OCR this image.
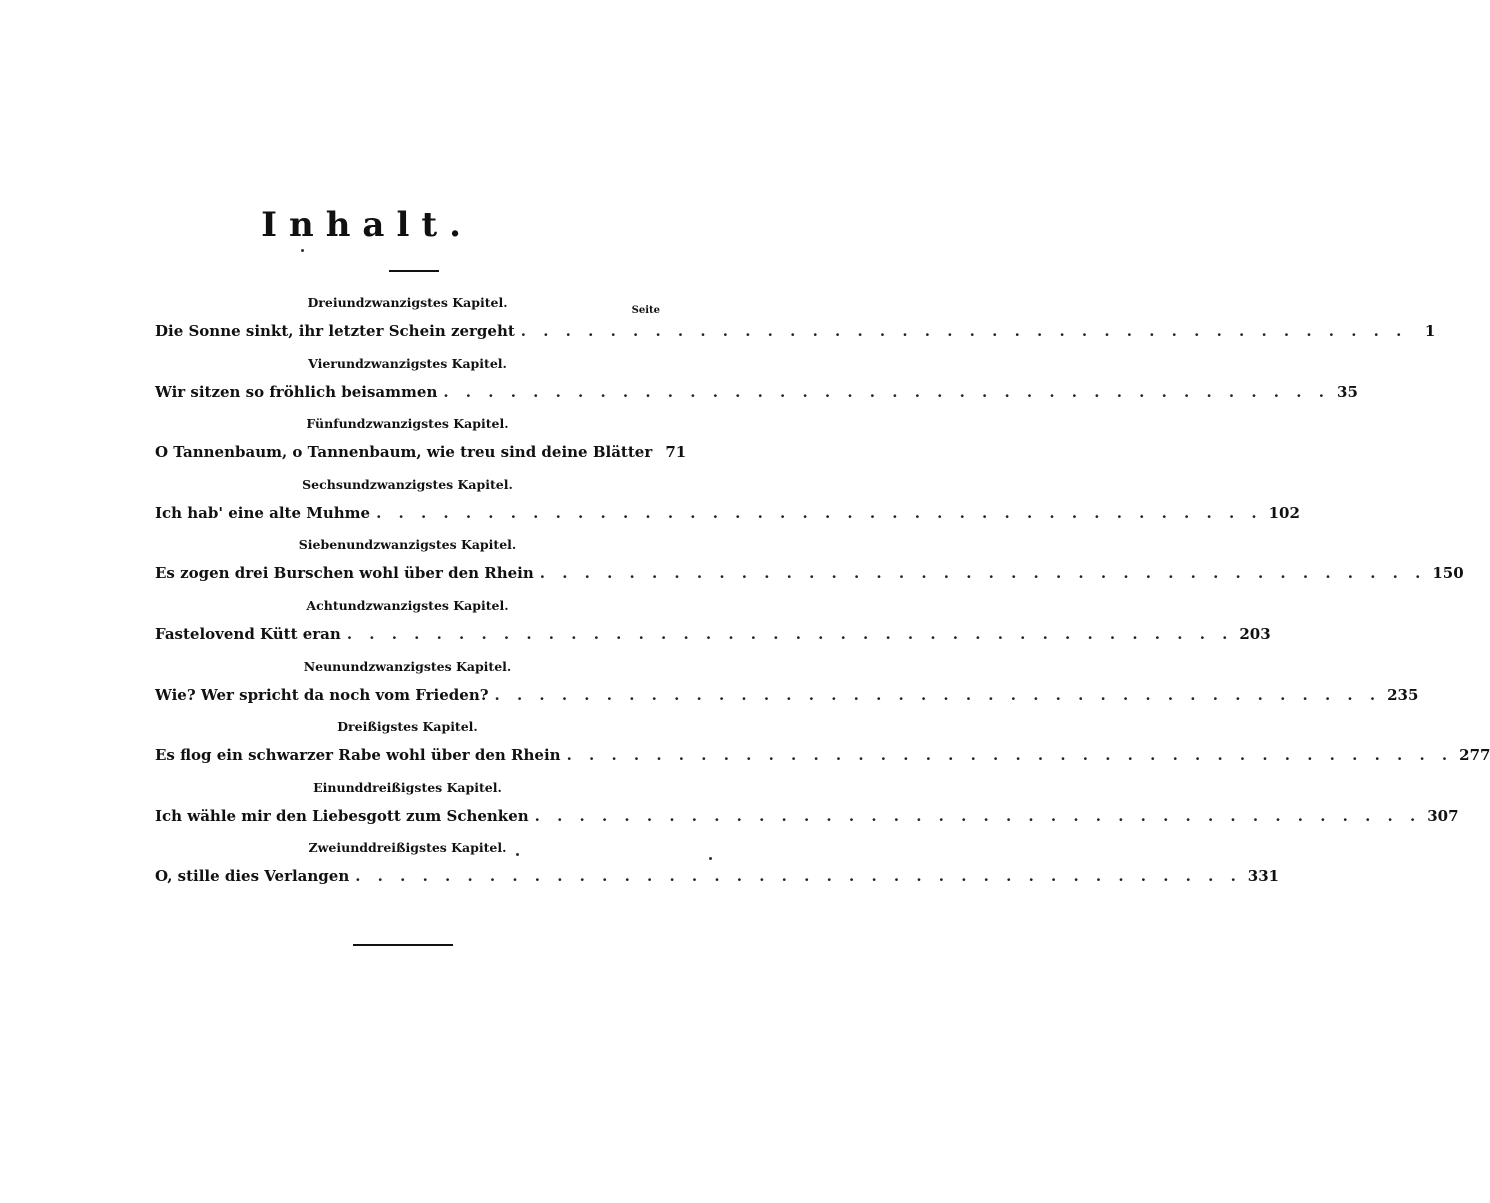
Inhalt.
Seite
Dreiundzwanzigstes Kapitel.
Die Sonne sinkt, ihr letzter Schein zergeht . . . . . . . . . . . . . . . . . . . . . . . . . . . . . . . . . . . . . . . .	1
Vierundzwanzigstes Kapitel.
Wir sitzen so fröhlich beisammen . . . . . . . . . . . . . . . . . . . . . . . . . . . . . . . . . . . . . . . . 35
Fünfundzwanzigstes Kapitel.
O Tannenbaum, o Tannenbaum, wie treu sind deine Blätter 71
Sechsundzwanzigstes Kapitel.
Ich hab' eine alte Muhme . . . . . . . . . . . . . . . . . . . . . . . . . . . . . . . . . . . . . . . . 102
Siebenundzwanzigstes Kapitel.
Es zogen drei Burschen wohl über den Rhein . . . . . . . . . . . . . . . . . . . . . . . . . . . . . . . . . . . . . . . . 150
Achtundzwanzigstes Kapitel.
Fastelovend Kütt eran . . . . . . . . . . . . . . . . . . . . . . . . . . . . . . . . . . . . . . . . 203
Neunundzwanzigstes Kapitel.
Wie? Wer spricht da noch vom Frieden? . . . . . . . . . . . . . . . . . . . . . . . . . . . . . . . . . . . . . . . . 235
Dreißigstes Kapitel.
Es flog ein schwarzer Rabe wohl über den Rhein . . . . . . . . . . . . . . . . . . . . . . . . . . . . . . . . . . . . . . . . 277
Einunddreißigstes Kapitel.
Ich wähle mir den Liebesgott zum Schenken . . . . . . . . . . . . . . . . . . . . . . . . . . . . . . . . . . . . . . . . 307
Zweiunddreißigstes Kapitel.
O, stille dies Verlangen . . . . . . . . . . . . . . . . . . . . . . . . . . . . . . . . . . . . . . . . 331
